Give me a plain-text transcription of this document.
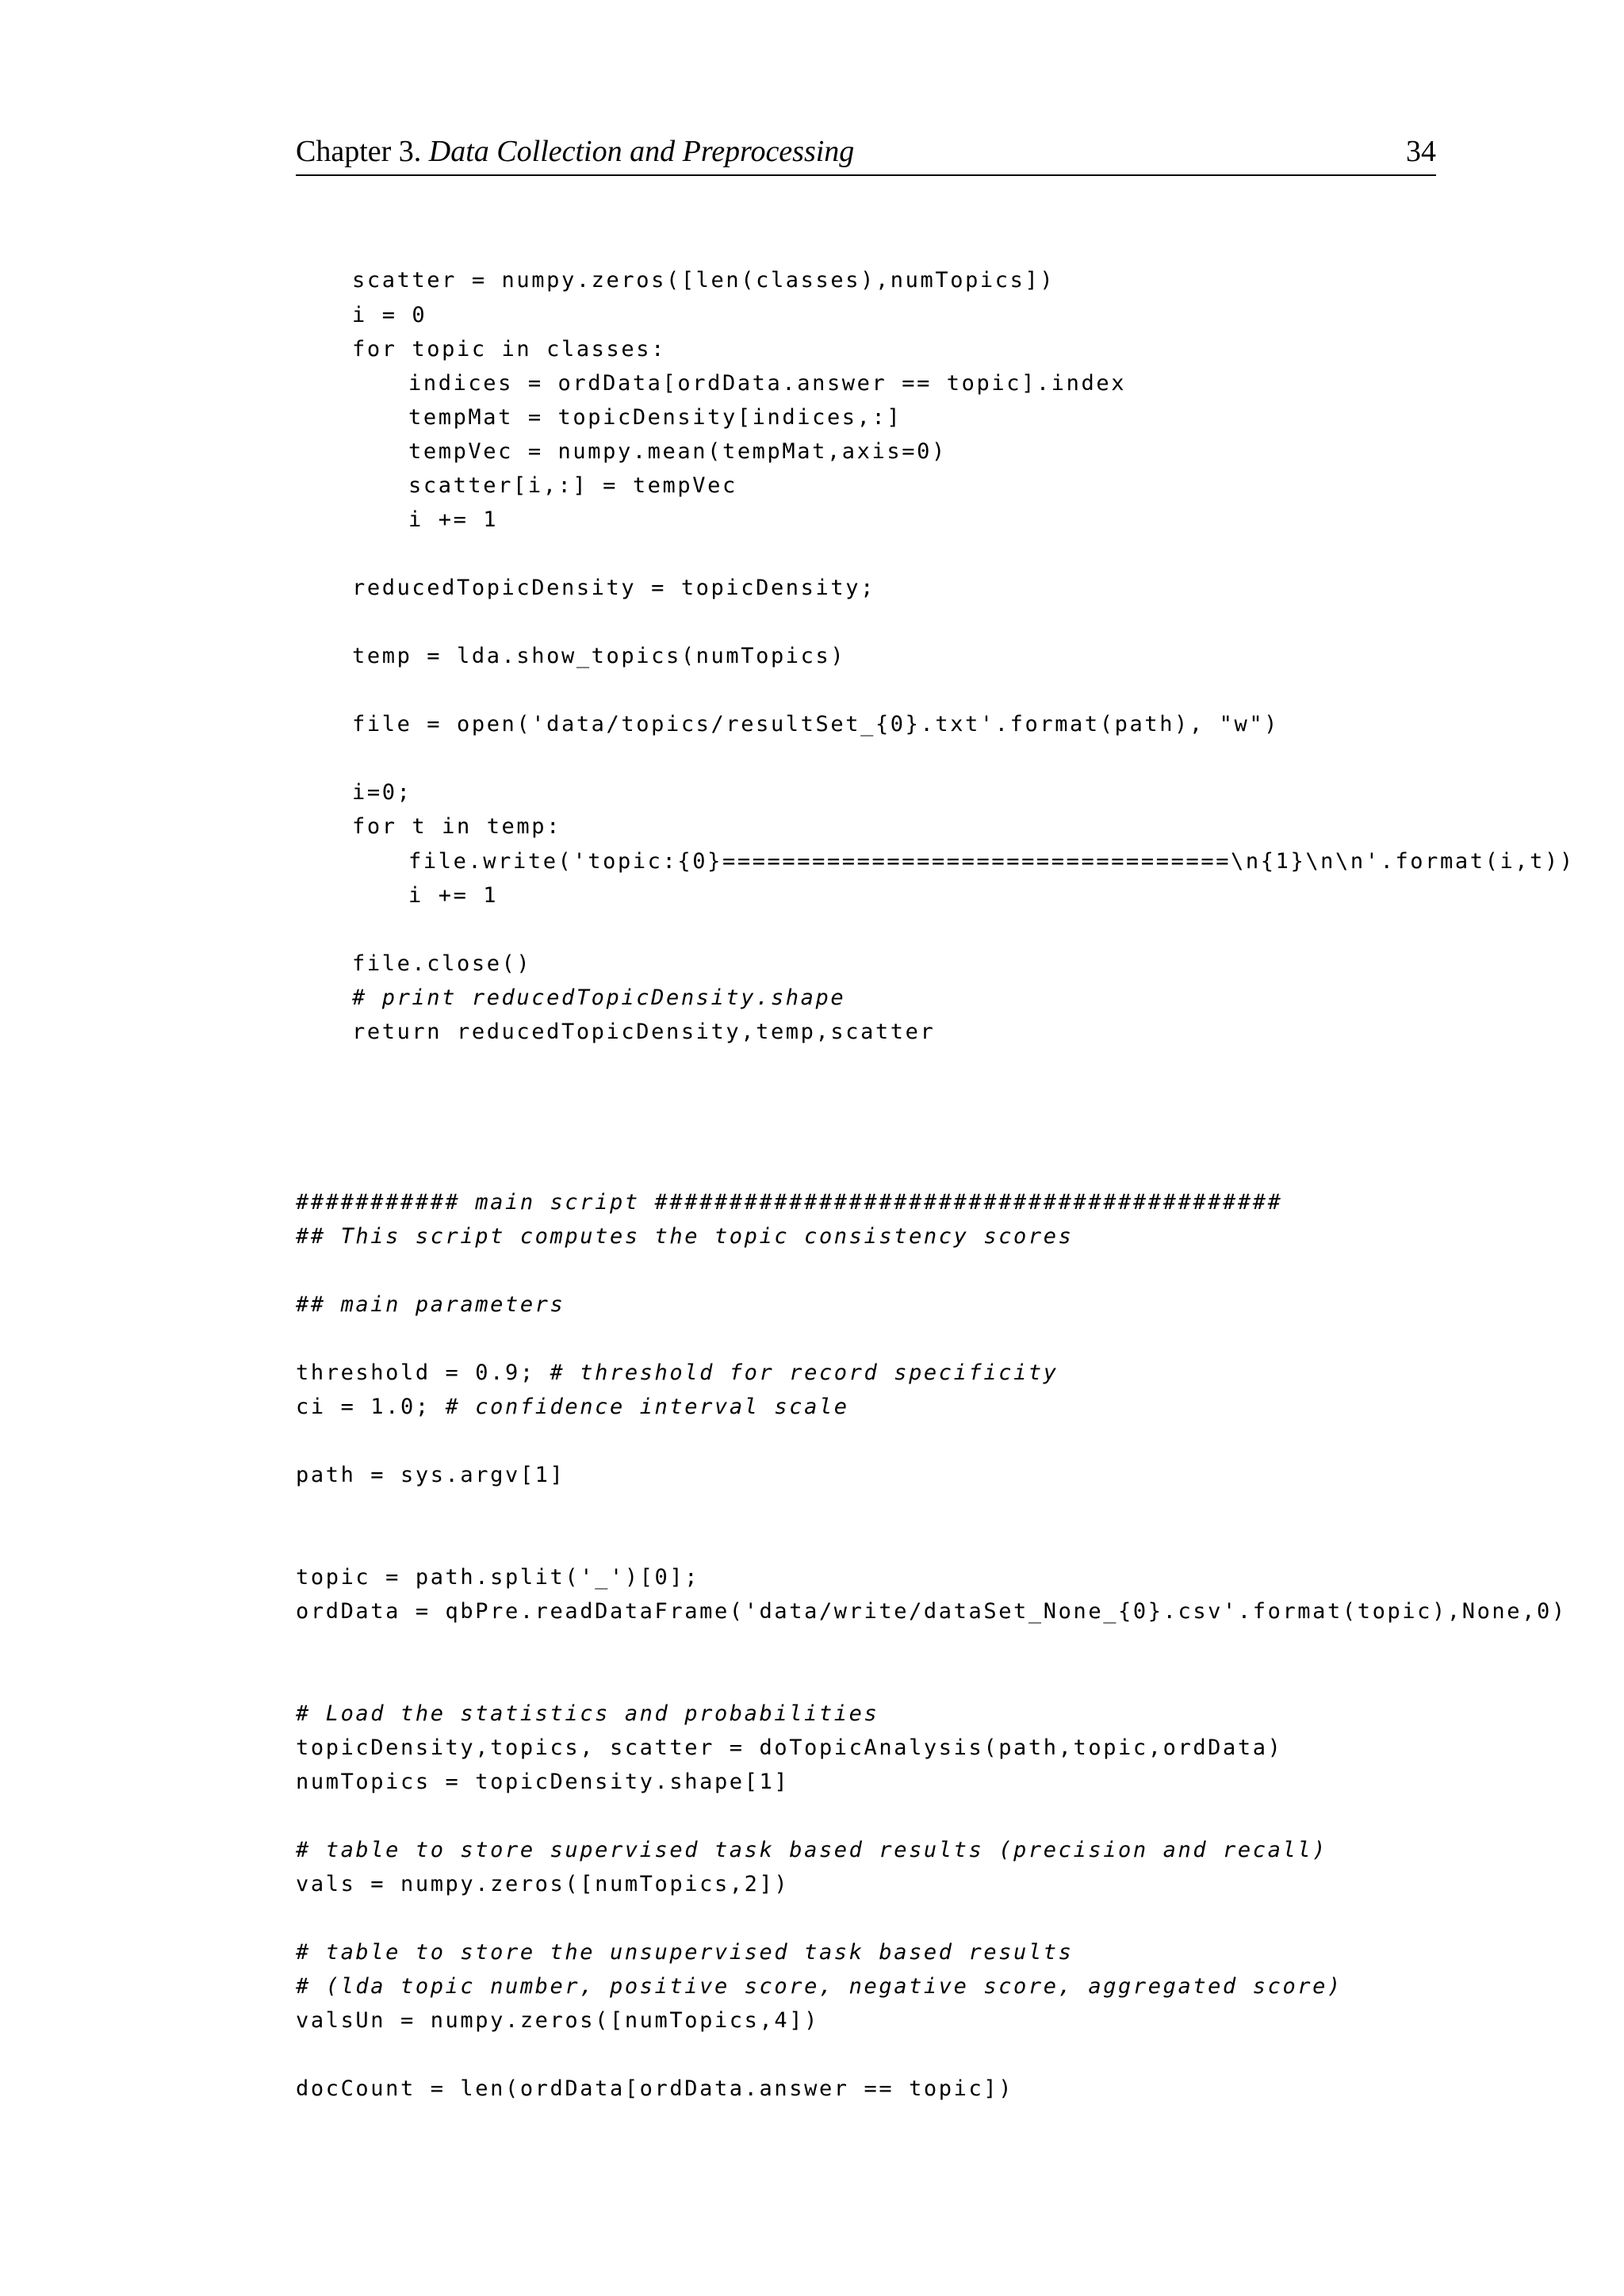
Chapter 3. Data Collection and Preprocessing	34
scatter = numpy.zeros([len(classes),numTopics])
i = 0
for topic in classes:
indices = ordData[ordData.answer == topic].index
tempMat = topicDensity[indices,:]
tempVec = numpy.mean(tempMat,axis=0)
scatter[i,:] = tempVec
i += 1
reducedTopicDensity = topicDensity;
temp = lda.show_topics(numTopics)
file = open('data/topics/resultSet_{0}.txt'.format(path), "w")
i=0;
for t in temp:
file.write('topic:{0}==================================\n{1}\n\n'.format(i,t))
i += 1
file.close()
# print reducedTopicDensity.shape
return reducedTopicDensity,temp,scatter
########### main script ##########################################
## This script computes the topic consistency scores
## main parameters
threshold = 0.9; # threshold for record specificity
ci = 1.0; # confidence interval scale
path = sys.argv[1]
topic = path.split('_')[0];
ordData = qbPre.readDataFrame('data/write/dataSet_None_{0}.csv'.format(topic),None,0)
# Load the statistics and probabilities
topicDensity,topics, scatter = doTopicAnalysis(path,topic,ordData)
numTopics = topicDensity.shape[1]
# table to store supervised task based results (precision and recall)
vals = numpy.zeros([numTopics,2])
# table to store the unsupervised task based results
# (lda topic number, positive score, negative score, aggregated score)
valsUn = numpy.zeros([numTopics,4])
docCount = len(ordData[ordData.answer == topic])
